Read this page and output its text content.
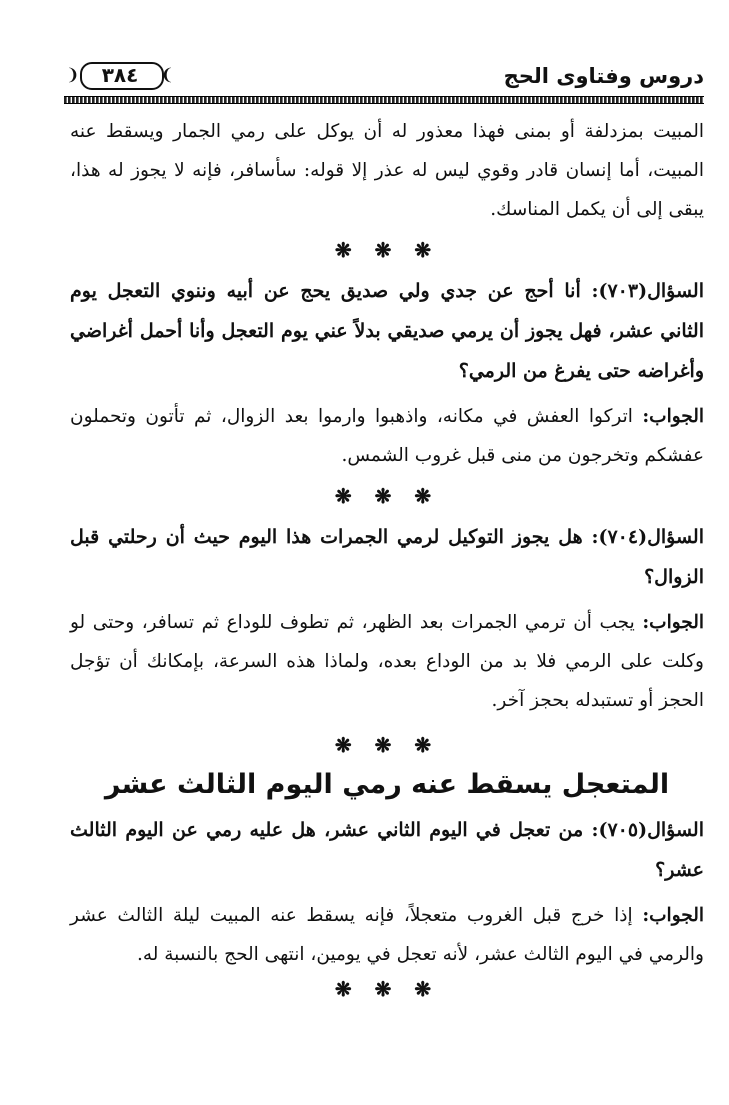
دروس وفتاوى الحج
❨ ٣٨٤ ❩

المبيت بمزدلفة أو بمنى فهذا معذور له أن يوكل على رمي الجمار ويسقط عنه المبيت، أما إنسان قادر وقوي ليس له عذر إلا قوله: سأسافر، فإنه لا يجوز له هذا، يبقى إلى أن يكمل المناسك.

❋ ❋ ❋

السؤال(٧٠٣): أنا أحج عن جدي ولي صديق يحج عن أبيه وننوي التعجل يوم الثاني عشر، فهل يجوز أن يرمي صديقي بدلاً عني يوم التعجل وأنا أحمل أغراضي وأغراضه حتى يفرغ من الرمي؟

الجواب: اتركوا العفش في مكانه، واذهبوا وارموا بعد الزوال، ثم تأتون وتحملون عفشكم وتخرجون من منى قبل غروب الشمس.

❋ ❋ ❋

السؤال(٧٠٤): هل يجوز التوكيل لرمي الجمرات هذا اليوم حيث أن رحلتي قبل الزوال؟

الجواب: يجب أن ترمي الجمرات بعد الظهر، ثم تطوف للوداع ثم تسافر، وحتى لو وكلت على الرمي فلا بد من الوداع بعده، ولماذا هذه السرعة، بإمكانك أن تؤجل الحجز أو تستبدله بحجز آخر.

❋ ❋ ❋
المتعجل يسقط عنه رمي اليوم الثالث عشر

السؤال(٧٠٥): من تعجل في اليوم الثاني عشر، هل عليه رمي عن اليوم الثالث عشر؟

الجواب: إذا خرج قبل الغروب متعجلاً، فإنه يسقط عنه المبيت ليلة الثالث عشر والرمي في اليوم الثالث عشر، لأنه تعجل في يومين، انتهى الحج بالنسبة له.

❋ ❋ ❋
